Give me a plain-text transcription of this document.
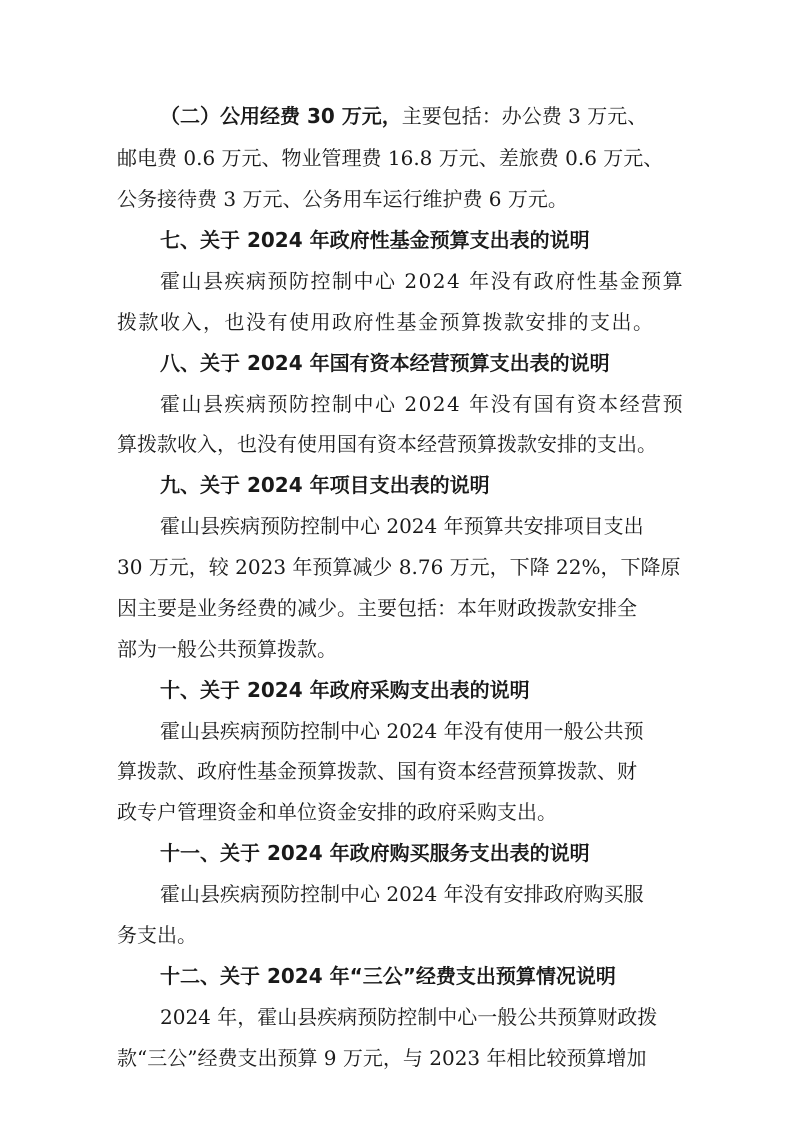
（二）公用经费 30 万元，主要包括：办公费 3 万元、
邮电费 0.6 万元、物业管理费 16.8 万元、差旅费 0.6 万元、
公务接待费 3 万元、公务用车运行维护费 6 万元。
七、关于 2024 年政府性基金预算支出表的说明
霍山县疾病预防控制中心 2024 年没有政府性基金预算
拨款收入，也没有使用政府性基金预算拨款安排的支出。
八、关于 2024 年国有资本经营预算支出表的说明
霍山县疾病预防控制中心 2024 年没有国有资本经营预
算拨款收入，也没有使用国有资本经营预算拨款安排的支出。
九、关于 2024 年项目支出表的说明
霍山县疾病预防控制中心 2024 年预算共安排项目支出
30 万元，较 2023 年预算减少 8.76 万元，下降 22%，下降原
因主要是业务经费的减少。主要包括：本年财政拨款安排全
部为一般公共预算拨款。
十、关于 2024 年政府采购支出表的说明
霍山县疾病预防控制中心 2024 年没有使用一般公共预
算拨款、政府性基金预算拨款、国有资本经营预算拨款、财
政专户管理资金和单位资金安排的政府采购支出。
十一、关于 2024 年政府购买服务支出表的说明
霍山县疾病预防控制中心 2024 年没有安排政府购买服
务支出。
十二、关于 2024 年“三公”经费支出预算情况说明
2024 年，霍山县疾病预防控制中心一般公共预算财政拨
款“三公”经费支出预算 9 万元，与 2023 年相比较预算增加
